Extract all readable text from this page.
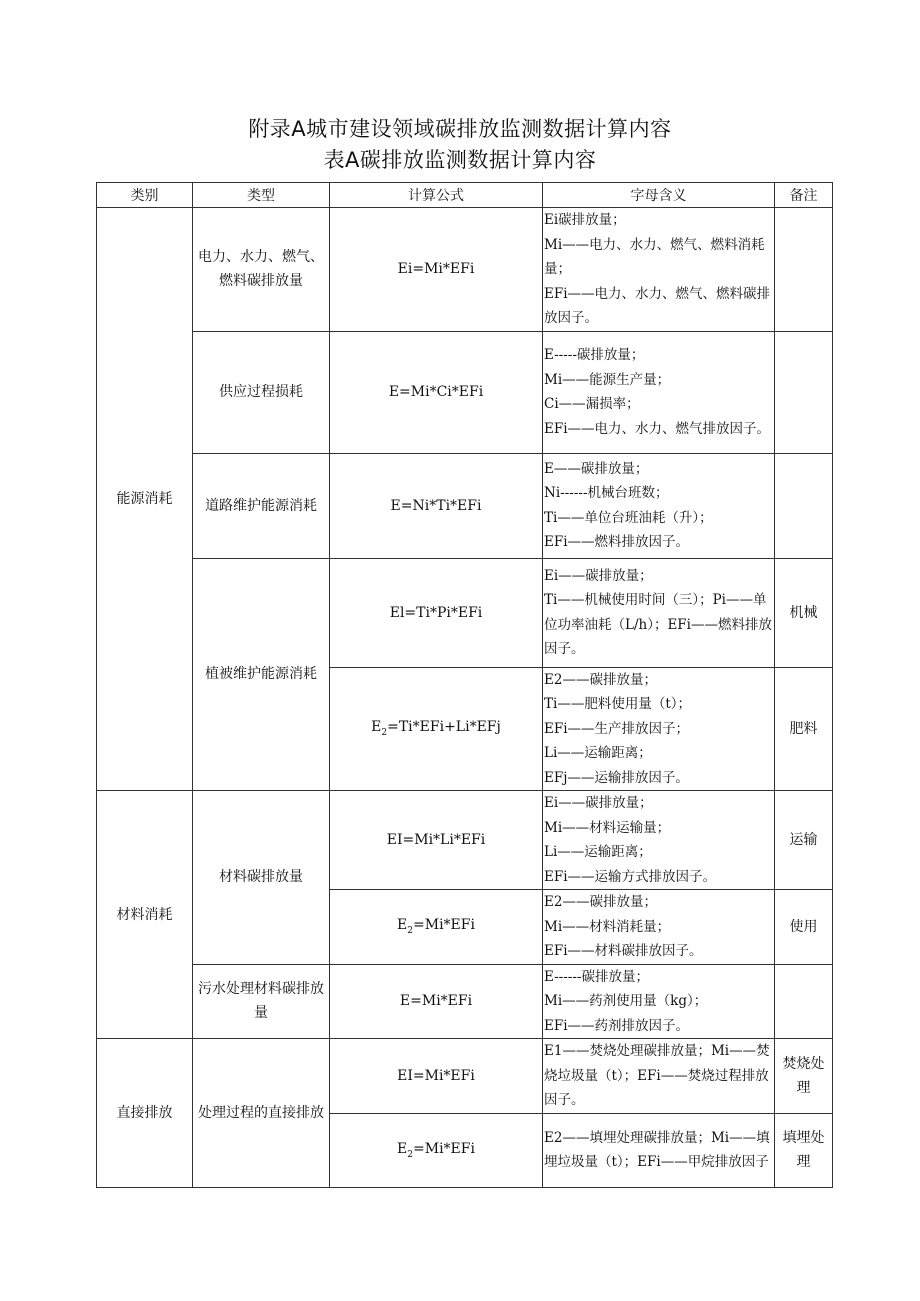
附录A城市建设领域碳排放监测数据计算内容
表A碳排放监测数据计算内容
类别	类型	计算公式	字母含义	备注
能源消耗	电力、水力、燃气、燃料碳排放量	Ei=Mi*EFi	Ei碳排放量；
Mi——电力、水力、燃气、燃料消耗量；
EFi——电力、水力、燃气、燃料碳排放因子。	

	供应过程损耗	E=Mi*Ci*EFi	E-----碳排放量；
Mi——能源生产量；
Ci——漏损率；
EFi——电力、水力、燃气排放因子。	

	道路维护能源消耗	E=Ni*Ti*EFi	E——碳排放量；
Ni------机械台班数；
Ti——单位台班油耗（升）；
EFi——燃料排放因子。	

	植被维护能源消耗	El=Ti*Pi*EFi	Ei——碳排放量；
Ti——机械使用时间（三）；Pi——单位功率油耗（L/h）；EFi——燃料排放因子。	机械
		$E_2=Ti*EFi+Li*EFj$	E2——碳排放量；
Ti——肥料使用量（t）；
EFi——生产排放因子；
Li——运输距离；
EFj——运输排放因子。	肥料
材料消耗	材料碳排放量	EI=Mi*Li*EFi	Ei——碳排放量；
Mi——材料运输量；
Li——运输距离；
EFi——运输方式排放因子。	运输
		$E_2=Mi*EFi$	E2——碳排放量；
Mi——材料消耗量；
EFi——材料碳排放因子。	使用
	污水处理材料碳排放量	E=Mi*EFi	E------碳排放量；
Mi——药剂使用量（kg）；
EFi——药剂排放因子。	

直接排放	处理过程的直接排放	EI=Mi*EFi	E1——焚烧处理碳排放量；Mi——焚烧垃圾量（t）；EFi——焚烧过程排放因子。	焚烧处理
		$E_2=Mi*EFi$	E2——填埋处理碳排放量；Mi——填埋垃圾量（t）；EFi——甲烷排放因子	填埋处理
